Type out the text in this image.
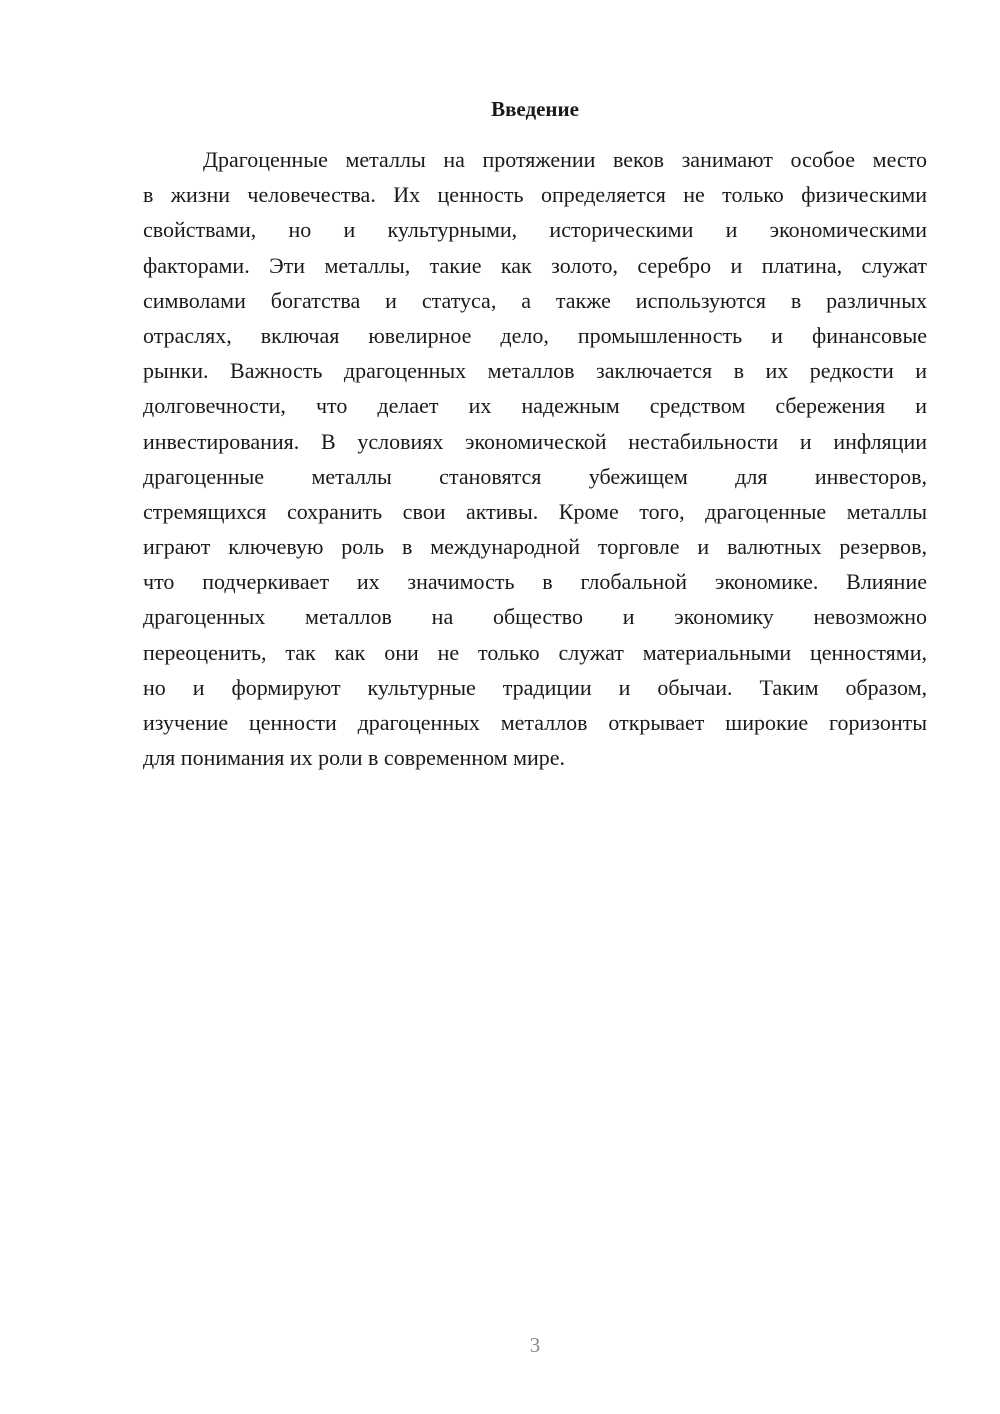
Введение
Драгоценные металлы на протяжении веков занимают особое место
в жизни человечества. Их ценность определяется не только физическими
свойствами, но и культурными, историческими и экономическими
факторами. Эти металлы, такие как золото, серебро и платина, служат
символами богатства и статуса, а также используются в различных
отраслях, включая ювелирное дело, промышленность и финансовые
рынки. Важность драгоценных металлов заключается в их редкости и
долговечности, что делает их надежным средством сбережения и
инвестирования. В условиях экономической нестабильности и инфляции
драгоценные металлы становятся убежищем для инвесторов,
стремящихся сохранить свои активы. Кроме того, драгоценные металлы
играют ключевую роль в международной торговле и валютных резервов,
что подчеркивает их значимость в глобальной экономике. Влияние
драгоценных металлов на общество и экономику невозможно
переоценить, так как они не только служат материальными ценностями,
но и формируют культурные традиции и обычаи. Таким образом,
изучение ценности драгоценных металлов открывает широкие горизонты
для понимания их роли в современном мире.
3
